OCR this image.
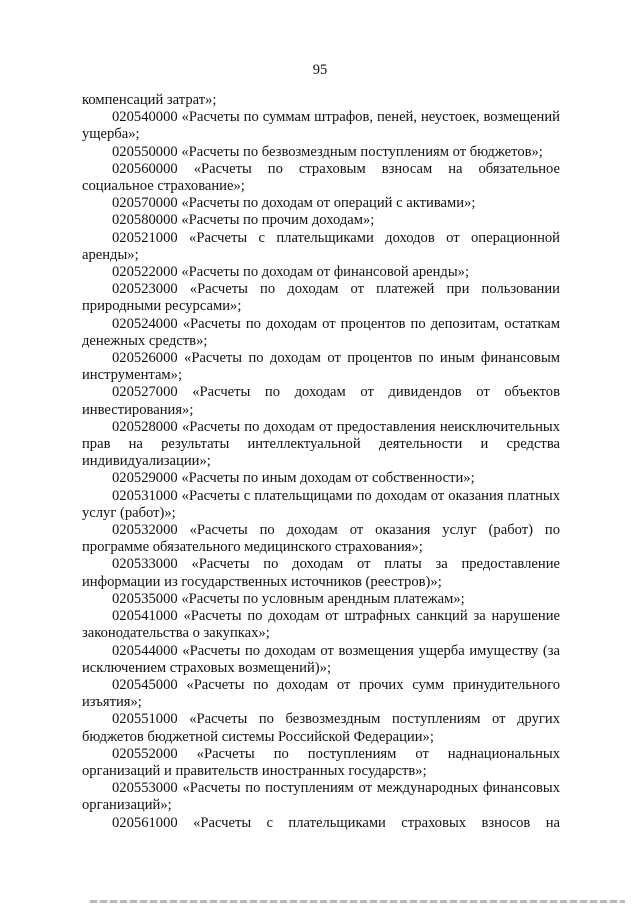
95

компенсаций затрат»;

020540000 «Расчеты по суммам штрафов, пеней, неустоек, возмещений ущерба»;

020550000 «Расчеты по безвозмездным поступлениям от бюджетов»;

020560000 «Расчеты по страховым взносам на обязательное социальное страхование»;

020570000 «Расчеты по доходам от операций с активами»;

020580000 «Расчеты по прочим доходам»;

020521000 «Расчеты с плательщиками доходов от операционной аренды»;

020522000 «Расчеты по доходам от финансовой аренды»;

020523000 «Расчеты по доходам от платежей при пользовании природными ресурсами»;

020524000 «Расчеты по доходам от процентов по депозитам, остаткам денежных средств»;

020526000 «Расчеты по доходам от процентов по иным финансовым инструментам»;

020527000 «Расчеты по доходам от дивидендов от объектов инвестирования»;

020528000 «Расчеты по доходам от предоставления неисключительных прав на результаты интеллектуальной деятельности и средства индивидуализации»;

020529000 «Расчеты по иным доходам от собственности»;

020531000 «Расчеты с плательщицами по доходам от оказания платных услуг (работ)»;

020532000 «Расчеты по доходам от оказания услуг (работ) по программе обязательного медицинского страхования»;

020533000 «Расчеты по доходам от платы за предоставление информации из государственных источников (реестров)»;

020535000 «Расчеты по условным арендным платежам»;

020541000 «Расчеты по доходам от штрафных санкций за нарушение законодательства о закупках»;

020544000 «Расчеты по доходам от возмещения ущерба имуществу (за исключением страховых возмещений)»;

020545000 «Расчеты по доходам от прочих сумм принудительного изъятия»;

020551000 «Расчеты по безвозмездным поступлениям от других бюджетов бюджетной системы Российской Федерации»;

020552000 «Расчеты по поступлениям от наднациональных организаций и правительств иностранных государств»;

020553000 «Расчеты по поступлениям от международных финансовых организаций»;

020561000 «Расчеты с плательщиками страховых взносов на
